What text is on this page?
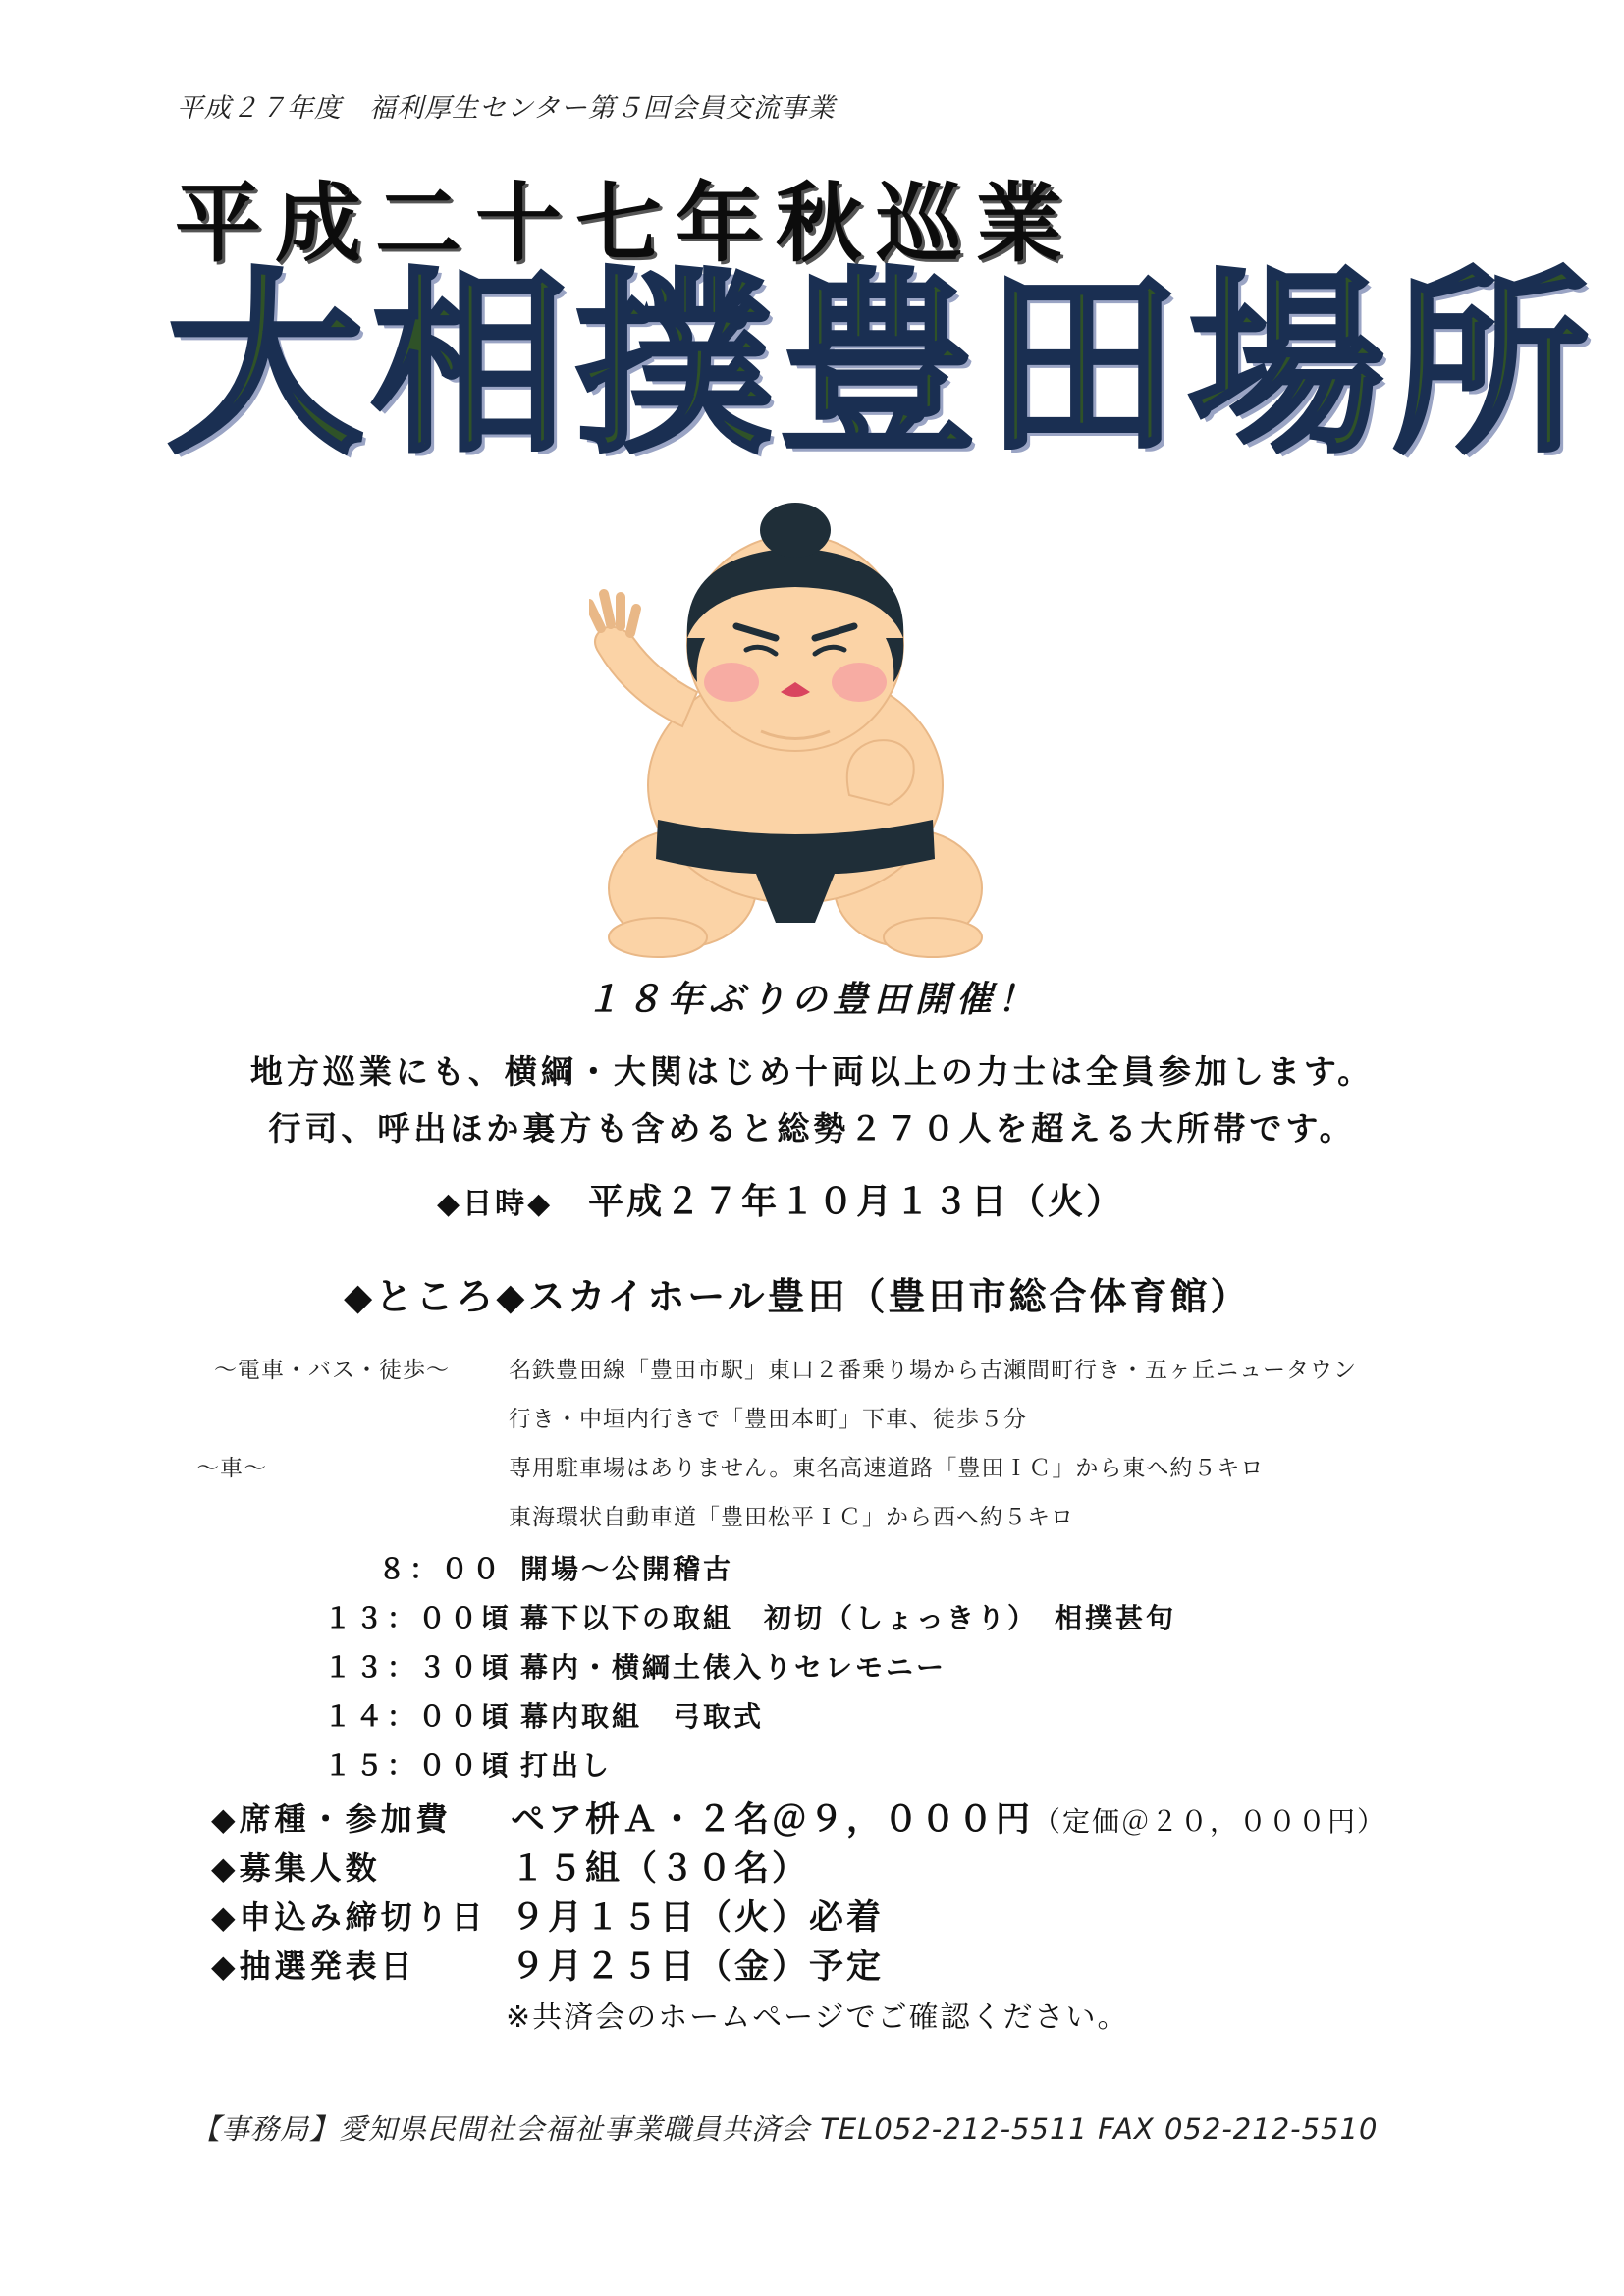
平成２７年度　福利厚生センター第５回会員交流事業
平成二十七年秋巡業
大相撲豊田場所
１８年ぶりの豊田開催！
地方巡業にも、横綱・大関はじめ十両以上の力士は全員参加します。
行司、呼出ほか裏方も含めると総勢２７０人を超える大所帯です。
◆日時◆ 平成２７年１０月１３日（火）
◆ところ◆スカイホール豊田（豊田市総合体育館）
～電車・バス・徒歩～	名鉄豊田線「豊田市駅」東口２番乗り場から古瀬間町行き・五ヶ丘ニュータウン
行き・中垣内行きで「豊田本町」下車、徒歩５分
～車～	専用駐車場はありません。東名高速道路「豊田ＩＣ」から東へ約５キロ
東海環状自動車道「豊田松平ＩＣ」から西へ約５キロ
８：００ 開場～公開稽古
１３：００頃 幕下以下の取組　初切（しょっきり）　相撲甚句
１３：３０頃 幕内・横綱土俵入りセレモニー
１４：００頃 幕内取組　弓取式
１５：００頃 打出し
◆席種・参加費 ペア枡Ａ・２名＠９，０００円（定価＠２０，０００円）
◆募集人数	１５組（３０名）
◆申込み締切り日 ９月１５日（火）必着
◆抽選発表日	９月２５日（金）予定
※共済会のホームページでご確認ください。
【事務局】愛知県民間社会福祉事業職員共済会 TEL052-212-5511 FAX 052-212-5510
